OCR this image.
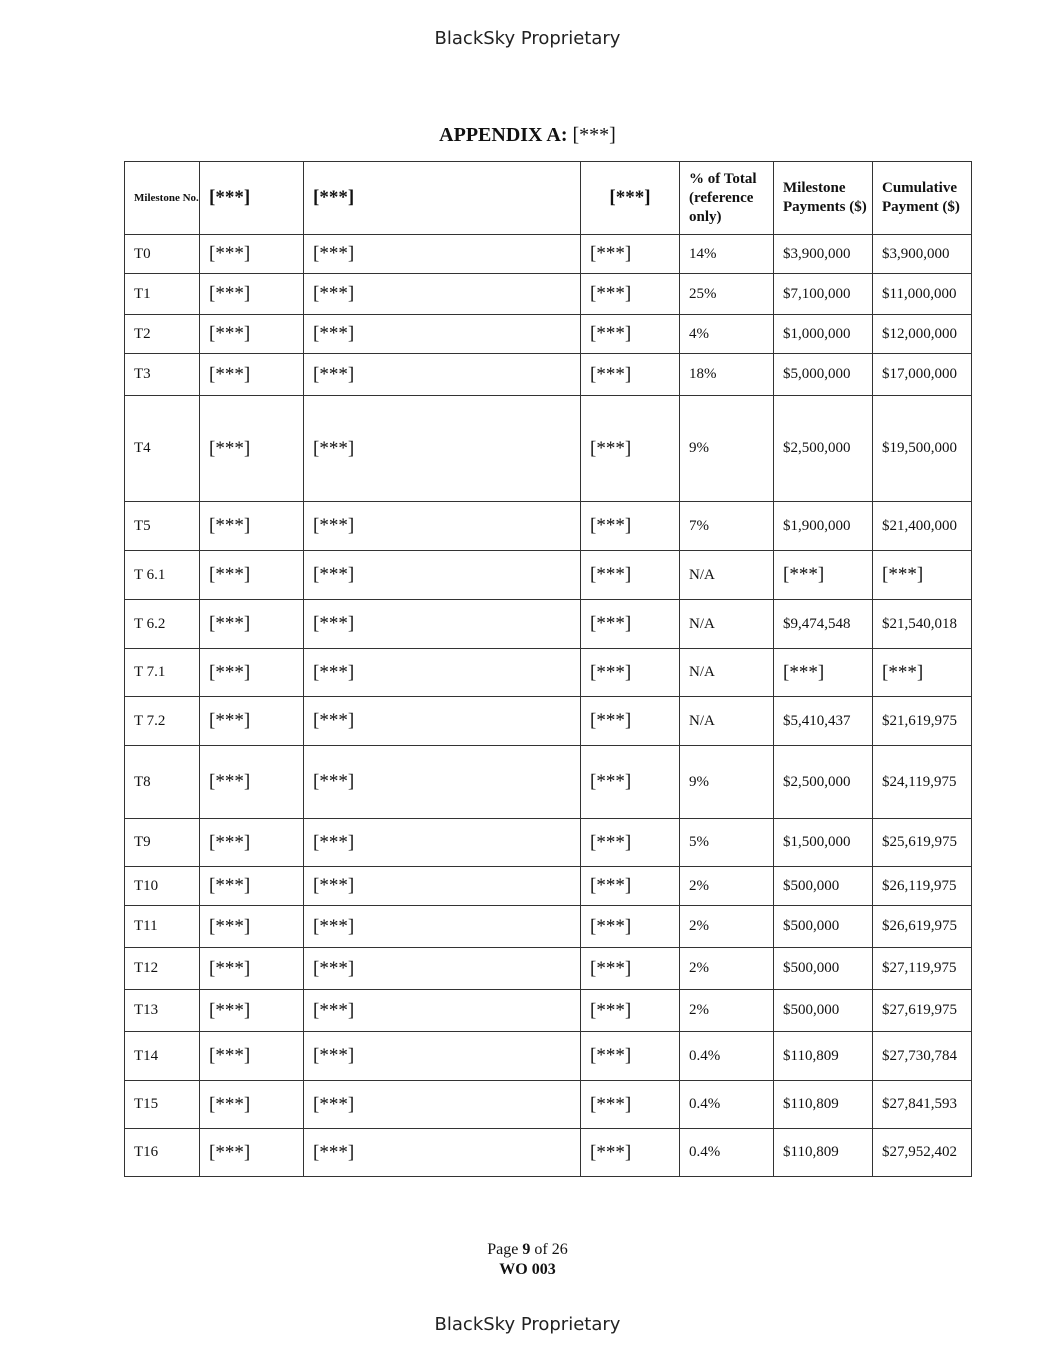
BlackSky Proprietary
APPENDIX A: [***]
Milestone No.	[***]	[***]	[***]	% of Total (reference only)	Milestone Payments ($)	Cumulative Payment ($)
T0	[***]	[***]	[***]	14%	$3,900,000	$3,900,000
T1	[***]	[***]	[***]	25%	$7,100,000	$11,000,000
T2	[***]	[***]	[***]	4%	$1,000,000	$12,000,000
T3	[***]	[***]	[***]	18%	$5,000,000	$17,000,000
T4	[***]	[***]	[***]	9%	$2,500,000	$19,500,000
T5	[***]	[***]	[***]	7%	$1,900,000	$21,400,000
T 6.1	[***]	[***]	[***]	N/A	[***]	[***]
T 6.2	[***]	[***]	[***]	N/A	$9,474,548	$21,540,018
T 7.1	[***]	[***]	[***]	N/A	[***]	[***]
T 7.2	[***]	[***]	[***]	N/A	$5,410,437	$21,619,975
T8	[***]	[***]	[***]	9%	$2,500,000	$24,119,975
T9	[***]	[***]	[***]	5%	$1,500,000	$25,619,975
T10	[***]	[***]	[***]	2%	$500,000	$26,119,975
T11	[***]	[***]	[***]	2%	$500,000	$26,619,975
T12	[***]	[***]	[***]	2%	$500,000	$27,119,975
T13	[***]	[***]	[***]	2%	$500,000	$27,619,975
T14	[***]	[***]	[***]	0.4%	$110,809	$27,730,784
T15	[***]	[***]	[***]	0.4%	$110,809	$27,841,593
T16	[***]	[***]	[***]	0.4%	$110,809	$27,952,402
Page 9 of 26
WO 003
BlackSky Proprietary
